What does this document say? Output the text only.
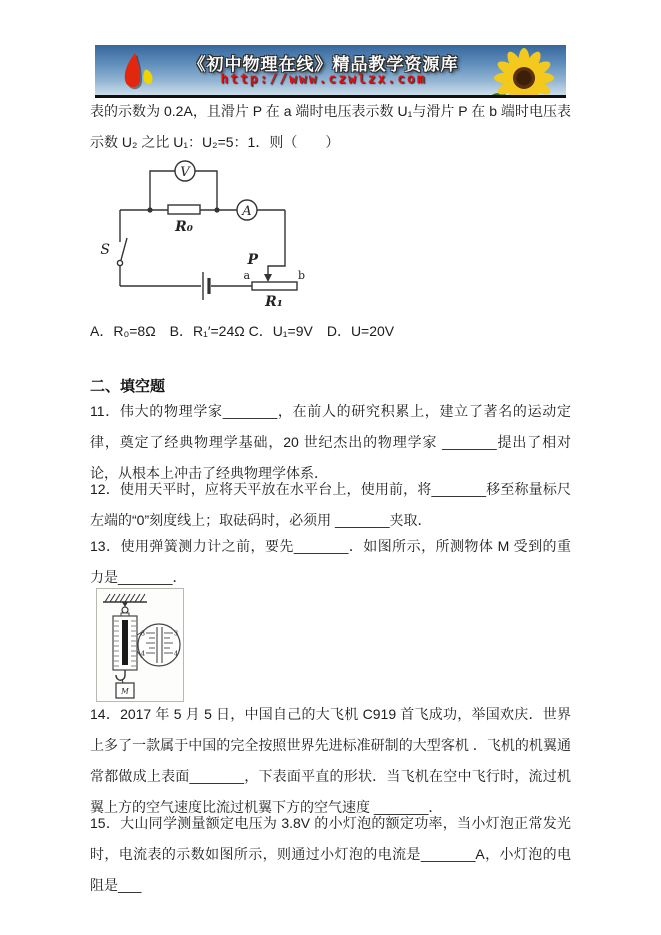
《初中物理在线》精品教学资源库
http://www.czwlzx.com
表的示数为 0.2A，且滑片 P 在 a 端时电压表示数 U₁与滑片 P 在 b 端时电压表示数 U₂ 之比 U₁：U₂=5：1．则（　　）
V
A
R₀
S
P
a	b
R₁
A．R₀=8Ω　B．R₁′=24Ω C．U₁=9V　D．U=20V
二、填空题
11．伟大的物理学家_______，在前人的研究积累上，建立了著名的运动定律，奠定了经典物理学基础，20 世纪杰出的物理学家 _______提出了相对论，从根本上冲击了经典物理学体系．
12．使用天平时，应将天平放在水平台上，使用前，将_______移至称量标尺左端的“0”刻度线上；取砝码时，必须用 _______夹取．
13．使用弹簧测力计之前，要先_______．如图所示，所测物体 M 受到的重力是_______．
3
4
3
4
M
14．2017 年 5 月 5 日，中国自己的大飞机 C919 首飞成功，举国欢庆．世界上多了一款属于中国的完全按照世界先进标准研制的大型客机 ．飞机的机翼通常都做成上表面_______，下表面平直的形状．当飞机在空中飞行时，流过机翼上方的空气速度比流过机翼下方的空气速度 _______．
15．大山同学测量额定电压为 3.8V 的小灯泡的额定功率，当小灯泡正常发光时，电流表的示数如图所示，则通过小灯泡的电流是_______A，小灯泡的电阻是___
